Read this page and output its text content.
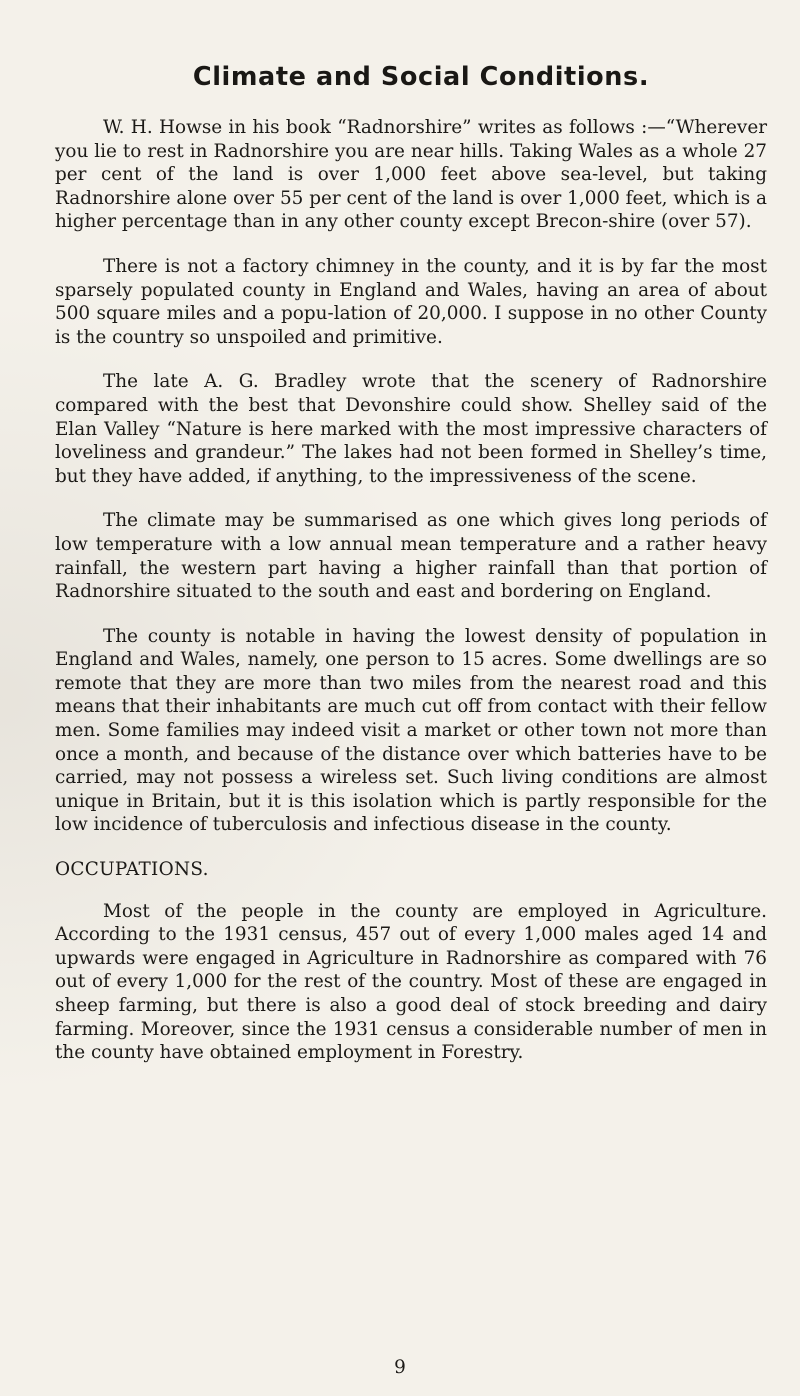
Climate and Social Conditions.

W. H. Howse in his book “Radnorshire” writes as follows :—“Wherever you lie to rest in Radnorshire you are near hills. Taking Wales as a whole 27 per cent of the land is over 1,000 feet above sea-level, but taking Radnorshire alone over 55 per cent of the land is over 1,000 feet, which is a higher percentage than in any other county except Brecon-shire (over 57).

There is not a factory chimney in the county, and it is by far the most sparsely populated county in England and Wales, having an area of about 500 square miles and a popu-lation of 20,000. I suppose in no other County is the country so unspoiled and primitive.

The late A. G. Bradley wrote that the scenery of Radnorshire compared with the best that Devonshire could show. Shelley said of the Elan Valley “Nature is here marked with the most impressive characters of loveliness and grandeur.” The lakes had not been formed in Shelley’s time, but they have added, if anything, to the impressiveness of the scene.

The climate may be summarised as one which gives long periods of low temperature with a low annual mean temperature and a rather heavy rainfall, the western part having a higher rainfall than that portion of Radnorshire situated to the south and east and bordering on England.

The county is notable in having the lowest density of population in England and Wales, namely, one person to 15 acres. Some dwellings are so remote that they are more than two miles from the nearest road and this means that their inhabitants are much cut off from contact with their fellow men. Some families may indeed visit a market or other town not more than once a month, and because of the distance over which batteries have to be carried, may not possess a wireless set. Such living conditions are almost unique in Britain, but it is this isolation which is partly responsible for the low incidence of tuberculosis and infectious disease in the county.

OCCUPATIONS.

Most of the people in the county are employed in Agriculture. According to the 1931 census, 457 out of every 1,000 males aged 14 and upwards were engaged in Agriculture in Radnorshire as compared with 76 out of every 1,000 for the rest of the country. Most of these are engaged in sheep farming, but there is also a good deal of stock breeding and dairy farming. Moreover, since the 1931 census a considerable number of men in the county have obtained employment in Forestry.

9
